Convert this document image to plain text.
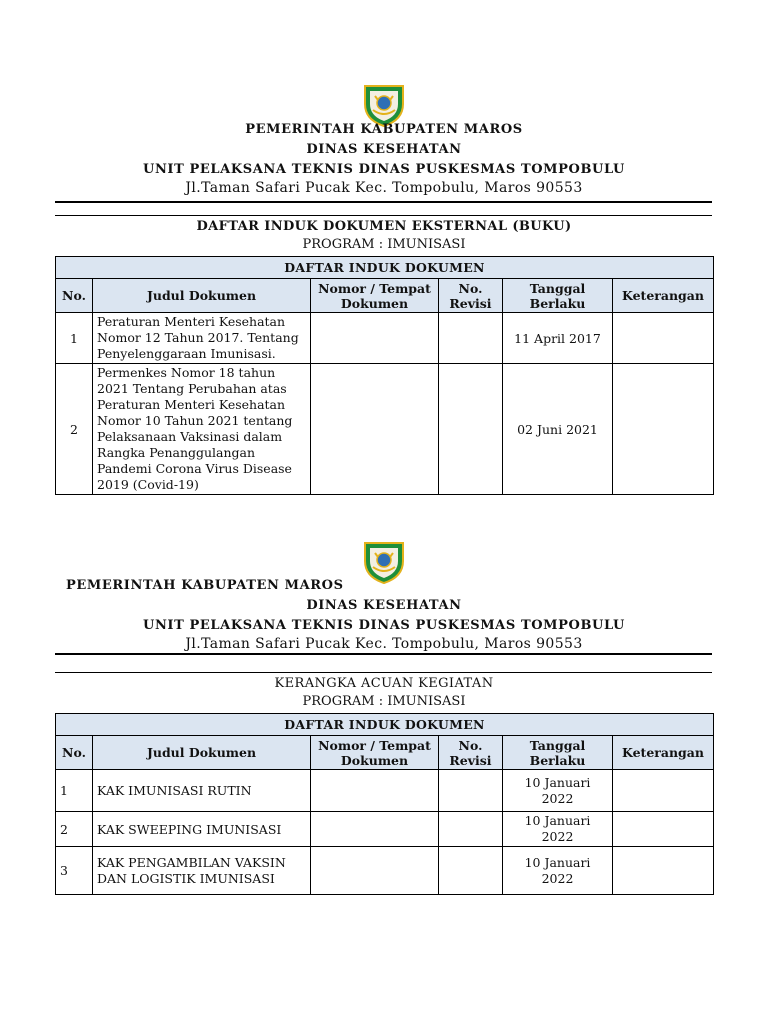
PEMERINTAH KABUPATEN MAROS
DINAS KESEHATAN
UNIT PELAKSANA TEKNIS DINAS PUSKESMAS TOMPOBULU
Jl.Taman Safari Pucak Kec. Tompobulu, Maros 90553
DAFTAR INDUK DOKUMEN EKSTERNAL (BUKU)
PROGRAM : IMUNISASI
DAFTAR INDUK DOKUMEN					
No.	Judul Dokumen	Nomor / Tempat Dokumen	No. Revisi	Tanggal Berlaku	Keterangan
1	Peraturan Menteri Kesehatan Nomor 12 Tahun 2017. Tentang Penyelenggaraan Imunisasi.			11 April 2017	
2	Permenkes Nomor 18 tahun 2021 Tentang Perubahan atas Peraturan Menteri Kesehatan Nomor 10 Tahun 2021 tentang Pelaksanaan Vaksinasi dalam Rangka Penanggulangan Pandemi Corona Virus Disease 2019 (Covid-19)			02 Juni 2021	
PEMERINTAH KABUPATEN MAROS
DINAS KESEHATAN
UNIT PELAKSANA TEKNIS DINAS PUSKESMAS TOMPOBULU
Jl.Taman Safari Pucak Kec. Tompobulu, Maros 90553
KERANGKA ACUAN KEGIATAN
PROGRAM : IMUNISASI
DAFTAR INDUK DOKUMEN					
No.	Judul Dokumen	Nomor / Tempat Dokumen	No. Revisi	Tanggal Berlaku	Keterangan
1	KAK IMUNISASI RUTIN			10 Januari 2022	
2	KAK SWEEPING IMUNISASI			10 Januari 2022	
3	KAK PENGAMBILAN VAKSIN DAN LOGISTIK IMUNISASI			10 Januari 2022	
